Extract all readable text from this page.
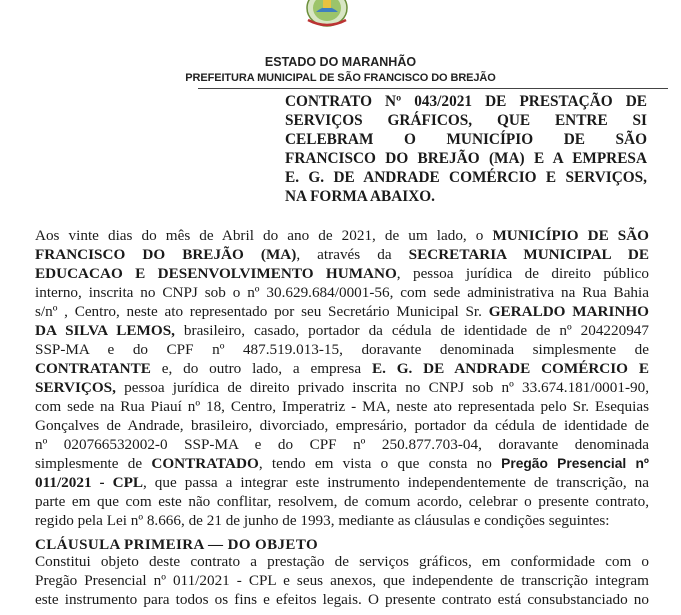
ESTADO DO MARANHÃO
PREFEITURA MUNICIPAL DE SÃO FRANCISCO DO BREJÃO
CONTRATO Nº 043/2021 DE PRESTAÇÃO DE
SERVIÇOS GRÁFICOS, QUE ENTRE SI
CELEBRAM O MUNICÍPIO DE SÃO
FRANCISCO DO BREJÃO (MA) E A EMPRESA
E. G. DE ANDRADE COMÉRCIO E SERVIÇOS,
NA FORMA ABAIXO.
Aos vinte dias do mês de Abril do ano de 2021, de um lado, o MUNICÍPIO DE SÃO
FRANCISCO DO BREJÃO (MA), através da SECRETARIA MUNICIPAL DE
EDUCACAO E DESENVOLVIMENTO HUMANO, pessoa jurídica de direito público
interno, inscrita no CNPJ sob o nº 30.629.684/0001-56, com sede administrativa na Rua Bahia
s/nº , Centro, neste ato representado por seu Secretário Municipal Sr. GERALDO MARINHO
DA SILVA LEMOS, brasileiro, casado, portador da cédula de identidade de nº 204220947
SSP-MA e do CPF nº 487.519.013-15, doravante denominada simplesmente de
CONTRATANTE e, do outro lado, a empresa E. G. DE ANDRADE COMÉRCIO E
SERVIÇOS, pessoa jurídica de direito privado inscrita no CNPJ sob nº 33.674.181/0001-90,
com sede na Rua Piauí nº 18, Centro, Imperatriz - MA, neste ato representada pelo Sr. Esequias
Gonçalves de Andrade, brasileiro, divorciado, empresário, portador da cédula de identidade de
nº 020766532002-0 SSP-MA e do CPF nº 250.877.703-04, doravante denominada
simplesmente de CONTRATADO, tendo em vista o que consta no Pregão Presencial nº
011/2021 - CPL, que passa a integrar este instrumento independentemente de transcrição, na
parte em que com este não conflitar, resolvem, de comum acordo, celebrar o presente contrato,
regido pela Lei nº 8.666, de 21 de junho de 1993, mediante as cláusulas e condições seguintes:
CLÁUSULA PRIMEIRA — DO OBJETO
Constitui objeto deste contrato a prestação de serviços gráficos, em conformidade com o
Pregão Presencial nº 011/2021 - CPL e seus anexos, que independente de transcrição integram
este instrumento para todos os fins e efeitos legais. O presente contrato está consubstanciado no
